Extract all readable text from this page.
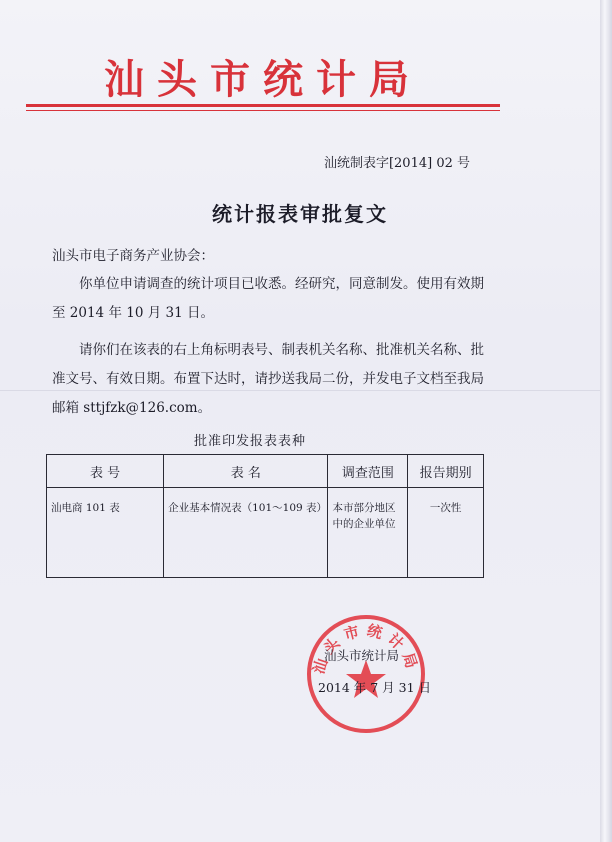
汕头市统计局
汕统制表字[2014] 02 号
统计报表审批复文
汕头市电子商务产业协会：
你单位申请调查的统计项目已收悉。经研究，同意制发。使用有效期至 2014 年 10 月 31 日。
请你们在该表的右上角标明表号、制表机关名称、批准机关名称、批准文号、有效日期。布置下达时，请抄送我局二份，并发电子文档至我局邮箱 sttjfzk@126.com。
批准印发报表表种
表 号	表 名	调查范围	报告期别
汕电商 101 表	企业基本情况表（101～109 表）	本市部分地区中的企业单位	一次性
汕头市统计局
汕头市统计局
2014 年 7 月 31 日
